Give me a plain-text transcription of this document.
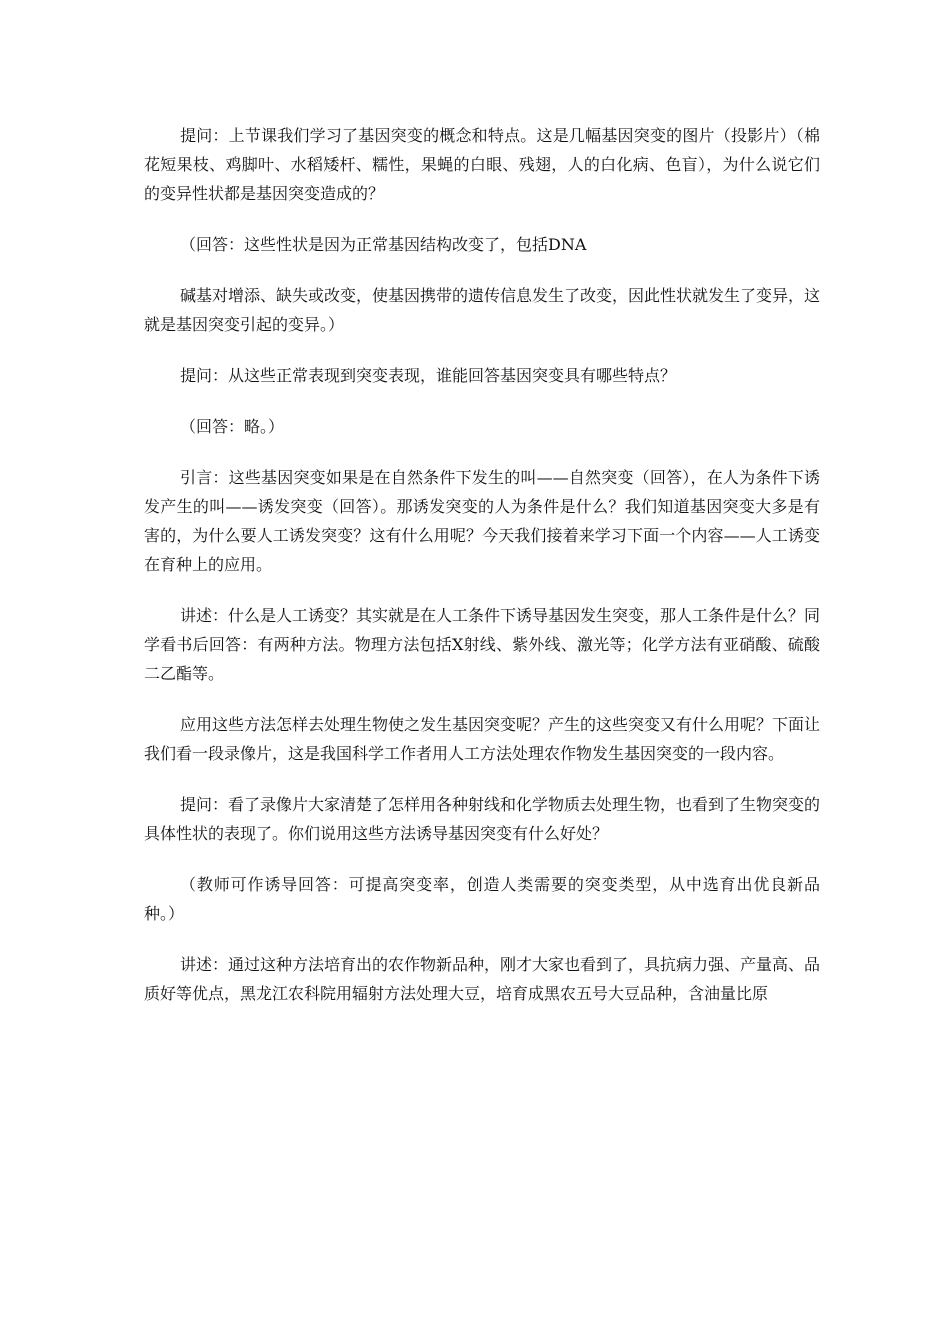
提问：上节课我们学习了基因突变的概念和特点。这是几幅基因突变的图片（投影片）（棉花短果枝、鸡脚叶、水稻矮杆、糯性，果蝇的白眼、残翅，人的白化病、色盲），为什么说它们的变异性状都是基因突变造成的？

（回答：这些性状是因为正常基因结构改变了，包括DNA

碱基对增添、缺失或改变，使基因携带的遗传信息发生了改变，因此性状就发生了变异，这就是基因突变引起的变异。）

提问：从这些正常表现到突变表现，谁能回答基因突变具有哪些特点？

（回答：略。）

引言：这些基因突变如果是在自然条件下发生的叫——自然突变（回答），在人为条件下诱发产生的叫——诱发突变（回答）。那诱发突变的人为条件是什么？我们知道基因突变大多是有害的，为什么要人工诱发突变？这有什么用呢？今天我们接着来学习下面一个内容——人工诱变在育种上的应用。

讲述：什么是人工诱变？其实就是在人工条件下诱导基因发生突变，那人工条件是什么？同学看书后回答：有两种方法。物理方法包括X射线、紫外线、激光等；化学方法有亚硝酸、硫酸二乙酯等。

应用这些方法怎样去处理生物使之发生基因突变呢？产生的这些突变又有什么用呢？下面让我们看一段录像片，这是我国科学工作者用人工方法处理农作物发生基因突变的一段内容。

提问：看了录像片大家清楚了怎样用各种射线和化学物质去处理生物，也看到了生物突变的具体性状的表现了。你们说用这些方法诱导基因突变有什么好处？

（教师可作诱导回答：可提高突变率，创造人类需要的突变类型，从中选育出优良新品种。）

讲述：通过这种方法培育出的农作物新品种，刚才大家也看到了，具抗病力强、产量高、品质好等优点，黑龙江农科院用辐射方法处理大豆，培育成黑农五号大豆品种，含油量比原
